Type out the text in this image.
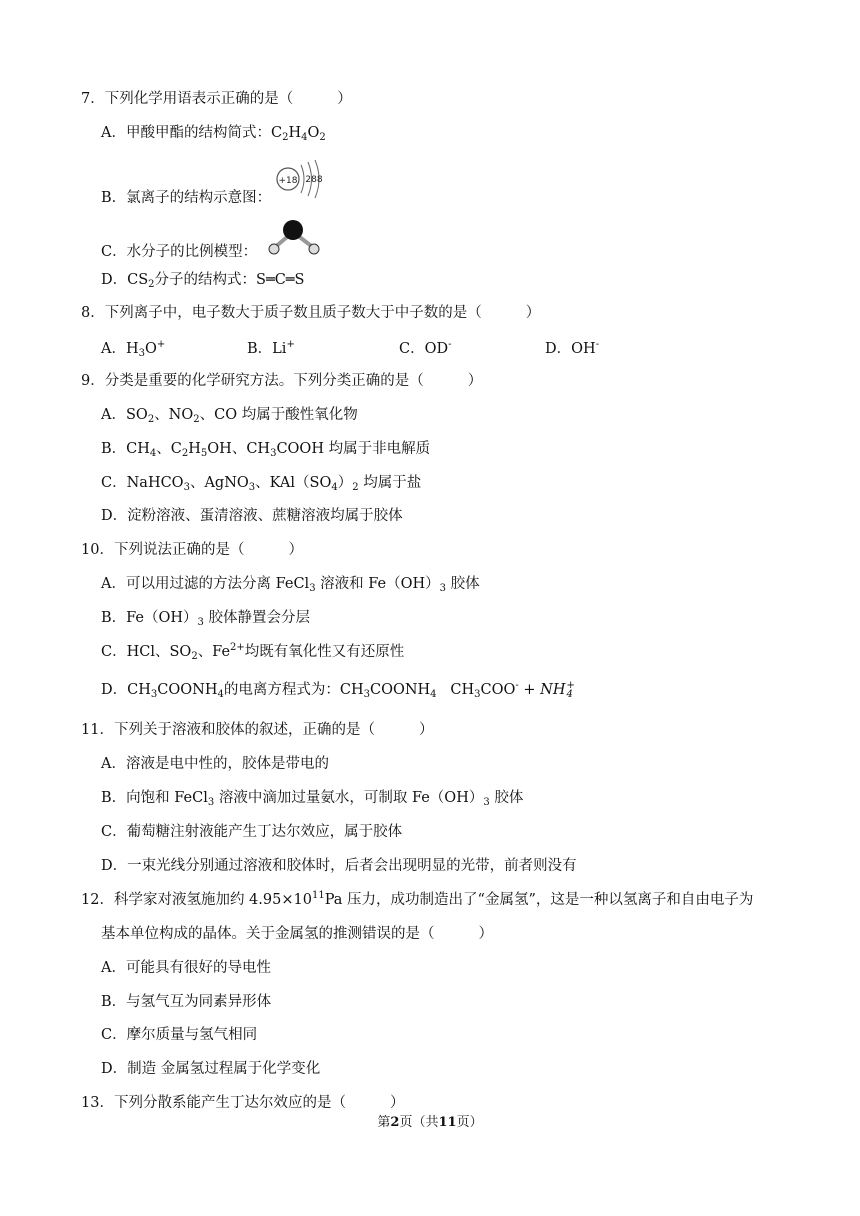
7．下列化学用语表示正确的是（	）
A．甲酸甲酯的结构简式：$C_2H_4O_2$
B．氯离子的结构示意图：
+18 288
C．水分子的比例模型：
D．$CS_2$分子的结构式：S═C═S
8．下列离子中，电子数大于质子数且质子数大于中子数的是（	）
A．$H_3O^+$	B．Li+	C．OD-	D．OH-
9．分类是重要的化学研究方法。下列分类正确的是（	）
A．$SO_2$、$NO_2$、CO 均属于酸性氧化物
B．$CH_4$、$C_2H_5OH$、$CH_3COOH$ 均属于非电解质
C．NaHCO$_3$、AgNO$_3$、$KAl(SO_4)_2$ 均属于盐
D．淀粉溶液、蛋清溶液、蔗糖溶液均属于胶体
10．下列说法正确的是（	）
A．可以用过滤的方法分离 FeCl$_3$ 溶液和 $Fe(OH)_3$ 胶体
B．$Fe(OH)_3$ 胶体静置会分层
C．HCl、$SO_2$、$Fe^{2+}$均既有氧化性又有还原性
D．$CH_3COONH_4$的电离方程式为：$CH_3COONH_4$   $CH_3COO^-$ + NH +
4
11．下列关于溶液和胶体的叙述，正确的是（	）
A．溶液是电中性的，胶体是带电的
B．向饱和 FeCl$_3$ 溶液中滴加过量氨水，可制取 $Fe(OH)_3$ 胶体
C．葡萄糖注射液能产生丁达尔效应，属于胶体
D．一束光线分别通过溶液和胶体时，后者会出现明显的光带，前者则没有
12．科学家对液氢施加约 $4.95\times 10^{11}Pa$ 压力，成功制造出了“金属氢”，这是一种以氢离子和自由电子为
基本单位构成的晶体。关于金属氢的推测错误的是（	）
A．可能具有很好的导电性
B．与氢气互为同素异形体
C．摩尔质量与氢气相同
D．制造 金属氢过程属于化学变化
13．下列分散系能产生丁达尔效应的是（	）
第2页（共11页）
